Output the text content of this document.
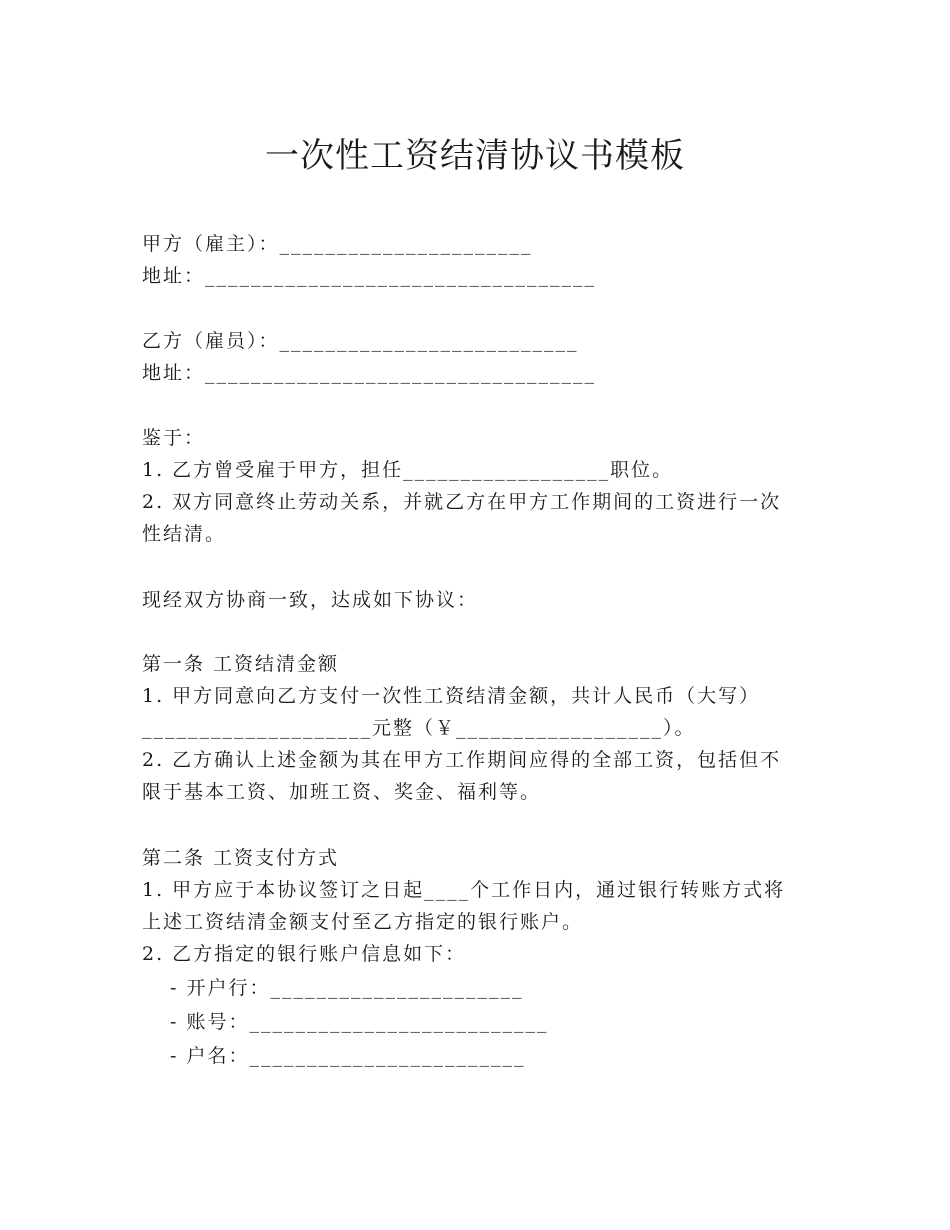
一次性工资结清协议书模板
甲方（雇主）：______________________
地址：__________________________________
乙方（雇员）：__________________________
地址：__________________________________
鉴于：
1. 乙方曾受雇于甲方，担任__________________职位。
2. 双方同意终止劳动关系，并就乙方在甲方工作期间的工资进行一次
性结清。
现经双方协商一致，达成如下协议：
第一条 工资结清金额
1. 甲方同意向乙方支付一次性工资结清金额，共计人民币（大写）
____________________元整（￥__________________）。
2. 乙方确认上述金额为其在甲方工作期间应得的全部工资，包括但不
限于基本工资、加班工资、奖金、福利等。
第二条 工资支付方式
1. 甲方应于本协议签订之日起____个工作日内，通过银行转账方式将
上述工资结清金额支付至乙方指定的银行账户。
2. 乙方指定的银行账户信息如下：
- 开户行：______________________
- 账号：__________________________
- 户名：________________________
